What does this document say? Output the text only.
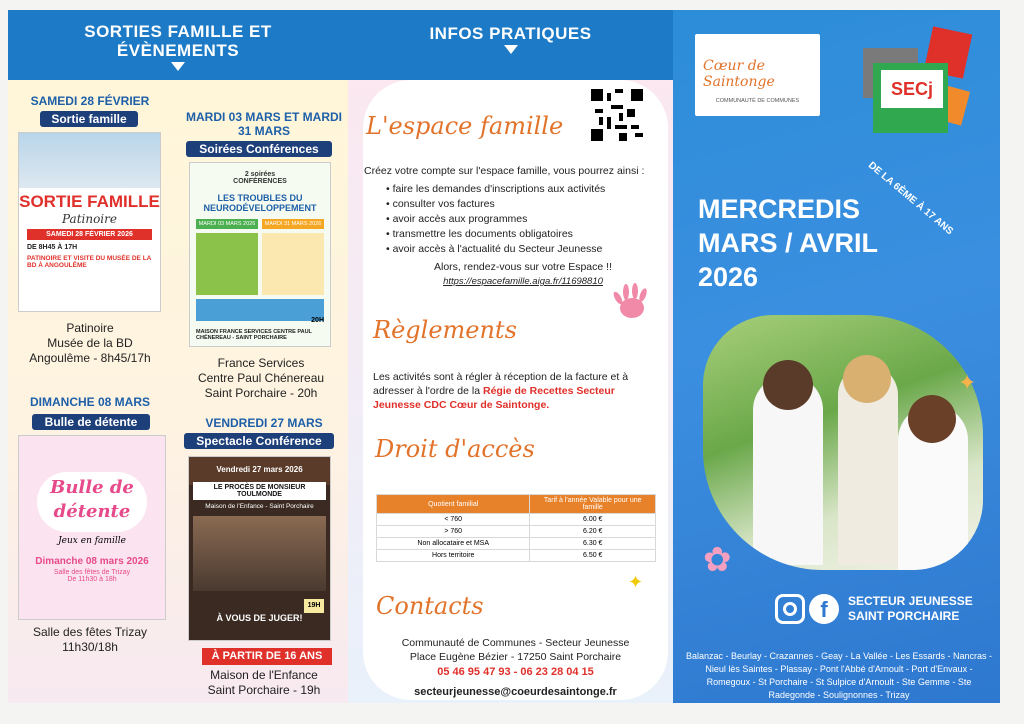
SORTIES FAMILLE ET ÉVÈNEMENTS
SAMEDI 28 FÉVRIER
Sortie famille
SORTIE FAMILLE
Patinoire
SAMEDI 28 FÉVRIER 2026
DE 8H45 À 17H
PATINOIRE ET VISITE DU MUSÉE DE LA BD À ANGOULÊME
Patinoire
Musée de la BD
Angoulême - 8h45/17h
MARDI 03 MARS ET MARDI 31 MARS
Soirées Conférences
2 soirées CONFÉRENCES
LES TROUBLES DU NEURODÉVELOPPEMENT
MARDI 03 MARS 2026	MARDI 31 MARS 2026
MAISON FRANCE SERVICES CENTRE PAUL CHÉNEREAU - SAINT PORCHAIRE
20H
France Services
Centre Paul Chénereau
Saint Porchaire - 20h
DIMANCHE 08 MARS
Bulle de détente
Bulle de détente
Jeux en famille
Dimanche 08 mars 2026
Salle des fêtes de Trizay
De 11h30 à 18h
Salle des fêtes Trizay
11h30/18h
VENDREDI 27 MARS
Spectacle Conférence
Vendredi 27 mars 2026
LE PROCÈS DE MONSIEUR TOULMONDE
Maison de l'Enfance - Saint Porchaire
19H
À VOUS DE JUGER!
À PARTIR DE 16 ANS
Maison de l'Enfance
Saint Porchaire - 19h
INFOS PRATIQUES
L'espace famille
Créez votre compte sur l'espace famille, vous pourrez ainsi :
• faire les demandes d'inscriptions aux activités
• consulter vos factures
• avoir accès aux programmes
• transmettre les documents obligatoires
• avoir accès à l'actualité du Secteur Jeunesse
Alors, rendez-vous sur votre Espace !!
https://espacefamille.aiga.fr/11698810
Règlements
Les activités sont à régler à réception de la facture et à adresser à l'ordre de la Régie de Recettes Secteur Jeunesse CDC Cœur de Saintonge.
Droit d'accès
Quotient familial	Tarif à l'année Valable pour une famille
< 760	6.00 €
> 760	6.20 €
Non allocataire et MSA	6.30 €
Hors territoire	6.50 €
✦
Contacts
Communauté de Communes - Secteur Jeunesse
Place Eugène Bézier - 17250 Saint Porchaire
05 46 95 47 93 - 06 23 28 04 15
secteurjeunesse@coeurdesaintonge.fr
Cœur de Saintonge
COMMUNAUTÉ DE COMMUNES
SECj
DE LA 6ÈME À 17 ANS
MERCREDIS
MARS / AVRIL
2026
✦
✿
f	SECTEUR JEUNESSE
SAINT PORCHAIRE
Balanzac - Beurlay - Crazannes - Geay - La Vallée - Les Essards - Nancras - Nieul lès Saintes - Plassay - Pont l'Abbé d'Arnoult - Port d'Envaux - Romegoux - St Porchaire - St Sulpice d'Arnoult - Ste Gemme - Ste Radegonde - Soulignonnes - Trizay
